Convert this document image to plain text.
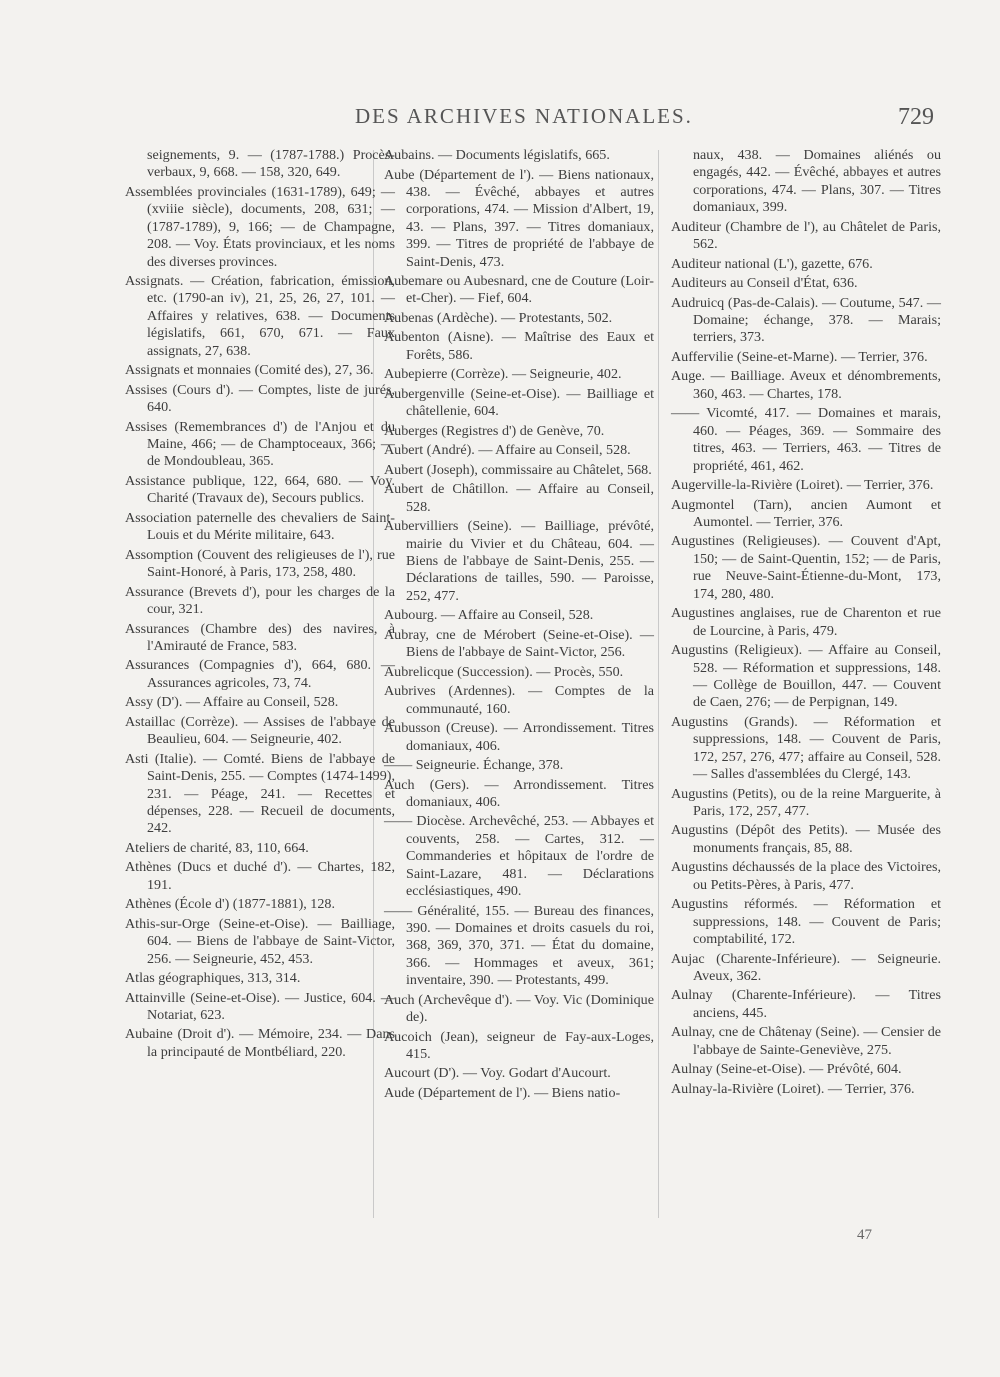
DES ARCHIVES NATIONALES.	729

seignements, 9. — (1787-1788.) Procès-verbaux, 9, 668. — 158, 320, 649.

Assemblées provinciales (1631-1789), 649; — (xviiie siècle), documents, 208, 631; — (1787-1789), 9, 166; — de Champagne, 208. — Voy. États provinciaux, et les noms des diverses provinces.

Assignats. — Création, fabrication, émission, etc. (1790-an iv), 21, 25, 26, 27, 101. — Affaires y relatives, 638. — Documents législatifs, 661, 670, 671. — Faux assignats, 27, 638.

Assignats et monnaies (Comité des), 27, 36.

Assises (Cours d'). — Comptes, liste de jurés, 640.

Assises (Remembrances d') de l'Anjou et du Maine, 466; — de Champtoceaux, 366; — de Mondoubleau, 365.

Assistance publique, 122, 664, 680. — Voy. Charité (Travaux de), Secours publics.

Association paternelle des chevaliers de Saint-Louis et du Mérite militaire, 643.

Assomption (Couvent des religieuses de l'), rue Saint-Honoré, à Paris, 173, 258, 480.

Assurance (Brevets d'), pour les charges de la cour, 321.

Assurances (Chambre des) des navires, à l'Amirauté de France, 583.

Assurances (Compagnies d'), 664, 680. — Assurances agricoles, 73, 74.

Assy (D'). — Affaire au Conseil, 528.

Astaillac (Corrèze). — Assises de l'abbaye de Beaulieu, 604. — Seigneurie, 402.

Asti (Italie). — Comté. Biens de l'abbaye de Saint-Denis, 255. — Comptes (1474-1499), 231. — Péage, 241. — Recettes et dépenses, 228. — Recueil de documents, 242.

Ateliers de charité, 83, 110, 664.

Athènes (Ducs et duché d'). — Chartes, 182, 191.

Athènes (École d') (1877-1881), 128.

Athis-sur-Orge (Seine-et-Oise). — Bailliage, 604. — Biens de l'abbaye de Saint-Victor, 256. — Seigneurie, 452, 453.

Atlas géographiques, 313, 314.

Attainville (Seine-et-Oise). — Justice, 604. — Notariat, 623.

Aubaine (Droit d'). — Mémoire, 234. — Dans la principauté de Montbéliard, 220.

Aubains. — Documents législatifs, 665.

Aube (Département de l'). — Biens nationaux, 438. — Évêché, abbayes et autres corporations, 474. — Mission d'Albert, 19, 43. — Plans, 397. — Titres domaniaux, 399. — Titres de propriété de l'abbaye de Saint-Denis, 473.

Aubemare ou Aubesnard, cne de Couture (Loir-et-Cher). — Fief, 604.

Aubenas (Ardèche). — Protestants, 502.

Aubenton (Aisne). — Maîtrise des Eaux et Forêts, 586.

Aubepierre (Corrèze). — Seigneurie, 402.

Aubergenville (Seine-et-Oise). — Bailliage et châtellenie, 604.

Auberges (Registres d') de Genève, 70.

Aubert (André). — Affaire au Conseil, 528.

Aubert (Joseph), commissaire au Châtelet, 568.

Aubert de Châtillon. — Affaire au Conseil, 528.

Aubervilliers (Seine). — Bailliage, prévôté, mairie du Vivier et du Château, 604. — Biens de l'abbaye de Saint-Denis, 255. — Déclarations de tailles, 590. — Paroisse, 252, 477.

Aubourg. — Affaire au Conseil, 528.

Aubray, cne de Mérobert (Seine-et-Oise). — Biens de l'abbaye de Saint-Victor, 256.

Aubrelicque (Succession). — Procès, 550.

Aubrives (Ardennes). — Comptes de la communauté, 160.

Aubusson (Creuse). — Arrondissement. Titres domaniaux, 406.

—— Seigneurie. Échange, 378.

Auch (Gers). — Arrondissement. Titres domaniaux, 406.

—— Diocèse. Archevêché, 253. — Abbayes et couvents, 258. — Cartes, 312. — Commanderies et hôpitaux de l'ordre de Saint-Lazare, 481. — Déclarations ecclésiastiques, 490.

—— Généralité, 155. — Bureau des finances, 390. — Domaines et droits casuels du roi, 368, 369, 370, 371. — État du domaine, 366. — Hommages et aveux, 361; inventaire, 390. — Protestants, 499.

Auch (Archevêque d'). — Voy. Vic (Dominique de).

Aucoich (Jean), seigneur de Fay-aux-Loges, 415.

Aucourt (D'). — Voy. Godart d'Aucourt.

Aude (Département de l'). — Biens natio-

naux, 438. — Domaines aliénés ou engagés, 442. — Évêché, abbayes et autres corporations, 474. — Plans, 307. — Titres domaniaux, 399.

Auditeur (Chambre de l'), au Châtelet de Paris, 562.

Auditeur national (L'), gazette, 676.

Auditeurs au Conseil d'État, 636.

Audruicq (Pas-de-Calais). — Coutume, 547. — Domaine; échange, 378. — Marais; terriers, 373.

Auffervilie (Seine-et-Marne). — Terrier, 376.

Auge. — Bailliage. Aveux et dénombrements, 360, 463. — Chartes, 178.

—— Vicomté, 417. — Domaines et marais, 460. — Péages, 369. — Sommaire des titres, 463. — Terriers, 463. — Titres de propriété, 461, 462.

Augerville-la-Rivière (Loiret). — Terrier, 376.

Augmontel (Tarn), ancien Aumont et Aumontel. — Terrier, 376.

Augustines (Religieuses). — Couvent d'Apt, 150; — de Saint-Quentin, 152; — de Paris, rue Neuve-Saint-Étienne-du-Mont, 173, 174, 280, 480.

Augustines anglaises, rue de Charenton et rue de Lourcine, à Paris, 479.

Augustins (Religieux). — Affaire au Conseil, 528. — Réformation et suppressions, 148. — Collège de Bouillon, 447. — Couvent de Caen, 276; — de Perpignan, 149.

Augustins (Grands). — Réformation et suppressions, 148. — Couvent de Paris, 172, 257, 276, 477; affaire au Conseil, 528. — Salles d'assemblées du Clergé, 143.

Augustins (Petits), ou de la reine Marguerite, à Paris, 172, 257, 477.

Augustins (Dépôt des Petits). — Musée des monuments français, 85, 88.

Augustins déchaussés de la place des Victoires, ou Petits-Pères, à Paris, 477.

Augustins réformés. — Réformation et suppressions, 148. — Couvent de Paris; comptabilité, 172.

Aujac (Charente-Inférieure). — Seigneurie. Aveux, 362.

Aulnay (Charente-Inférieure). — Titres anciens, 445.

Aulnay, cne de Châtenay (Seine). — Censier de l'abbaye de Sainte-Geneviève, 275.

Aulnay (Seine-et-Oise). — Prévôté, 604.

Aulnay-la-Rivière (Loiret). — Terrier, 376.

47
